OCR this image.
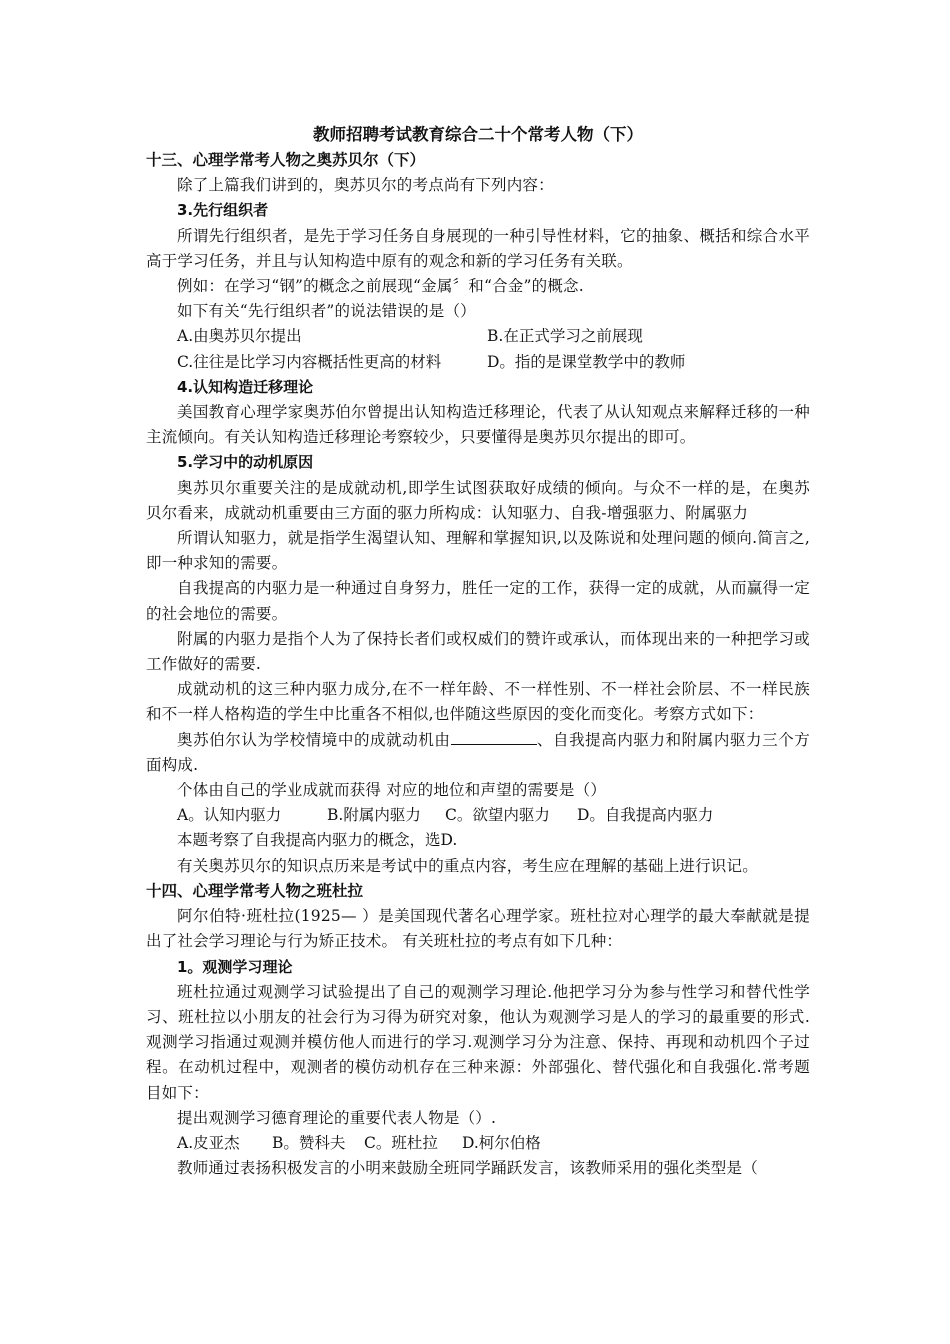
教师招聘考试教育综合二十个常考人物（下）
十三、心理学常考人物之奥苏贝尔（下）

除了上篇我们讲到的，奥苏贝尔的考点尚有下列内容：

3.先行组织者

所谓先行组织者，是先于学习任务自身展现的一种引导性材料，它的抽象、概括和综合水平高于学习任务，并且与认知构造中原有的观念和新的学习任务有关联。

例如：在学习“钢”的概念之前展现“金属〞和“合金”的概念.

如下有关“先行组织者”的说法错误的是（）

A.由奥苏贝尔提出	B.在正式学习之前展现
C.往往是比学习内容概括性更高的材料	D。指的是课堂教学中的教师
4.认知构造迁移理论

美国教育心理学家奥苏伯尔曾提出认知构造迁移理论，代表了从认知观点来解释迁移的一种主流倾向。有关认知构造迁移理论考察较少，只要懂得是奥苏贝尔提出的即可。

5.学习中的动机原因

奥苏贝尔重要关注的是成就动机,即学生试图获取好成绩的倾向。与众不一样的是，在奥苏贝尔看来，成就动机重要由三方面的驱力所构成：认知驱力、自我-增强驱力、附属驱力

所谓认知驱力，就是指学生渴望认知、理解和掌握知识,以及陈说和处理问题的倾向.简言之,即一种求知的需要。

自我提高的内驱力是一种通过自身努力，胜任一定的工作，获得一定的成就，从而赢得一定的社会地位的需要。

附属的内驱力是指个人为了保持长者们或权威们的赞许或承认，而体现出来的一种把学习或工作做好的需要.

成就动机的这三种内驱力成分,在不一样年龄、不一样性别、不一样社会阶层、不一样民族和不一样人格构造的学生中比重各不相似,也伴随这些原因的变化而变化。考察方式如下：

奥苏伯尔认为学校情境中的成就动机由	、自我提高内驱力和附属内驱力三个方面构成.

个体由自己的学业成就而获得 对应的地位和声望的需要是（）

A。认知内驱力	B.附属内驱力	C。欲望内驱力	D。自我提高内驱力
本题考察了自我提高内驱力的概念，选D.

有关奥苏贝尔的知识点历来是考试中的重点内容，考生应在理解的基础上进行识记。

十四、心理学常考人物之班杜拉

阿尔伯特·班杜拉(1925— ）是美国现代著名心理学家。班杜拉对心理学的最大奉献就是提出了社会学习理论与行为矫正技术。 有关班杜拉的考点有如下几种：

1。观测学习理论

班杜拉通过观测学习试验提出了自己的观测学习理论.他把学习分为参与性学习和替代性学习、班杜拉以小朋友的社会行为习得为研究对象，他认为观测学习是人的学习的最重要的形式.观测学习指通过观测并模仿他人而进行的学习.观测学习分为注意、保持、再现和动机四个子过程。在动机过程中，观测者的模仿动机存在三种来源：外部强化、替代强化和自我强化.常考题目如下：

提出观测学习德育理论的重要代表人物是（）.

A.皮亚杰	B。赞科夫	C。班杜拉	D.柯尔伯格

教师通过表扬积极发言的小明来鼓励全班同学踊跃发言，该教师采用的强化类型是（
